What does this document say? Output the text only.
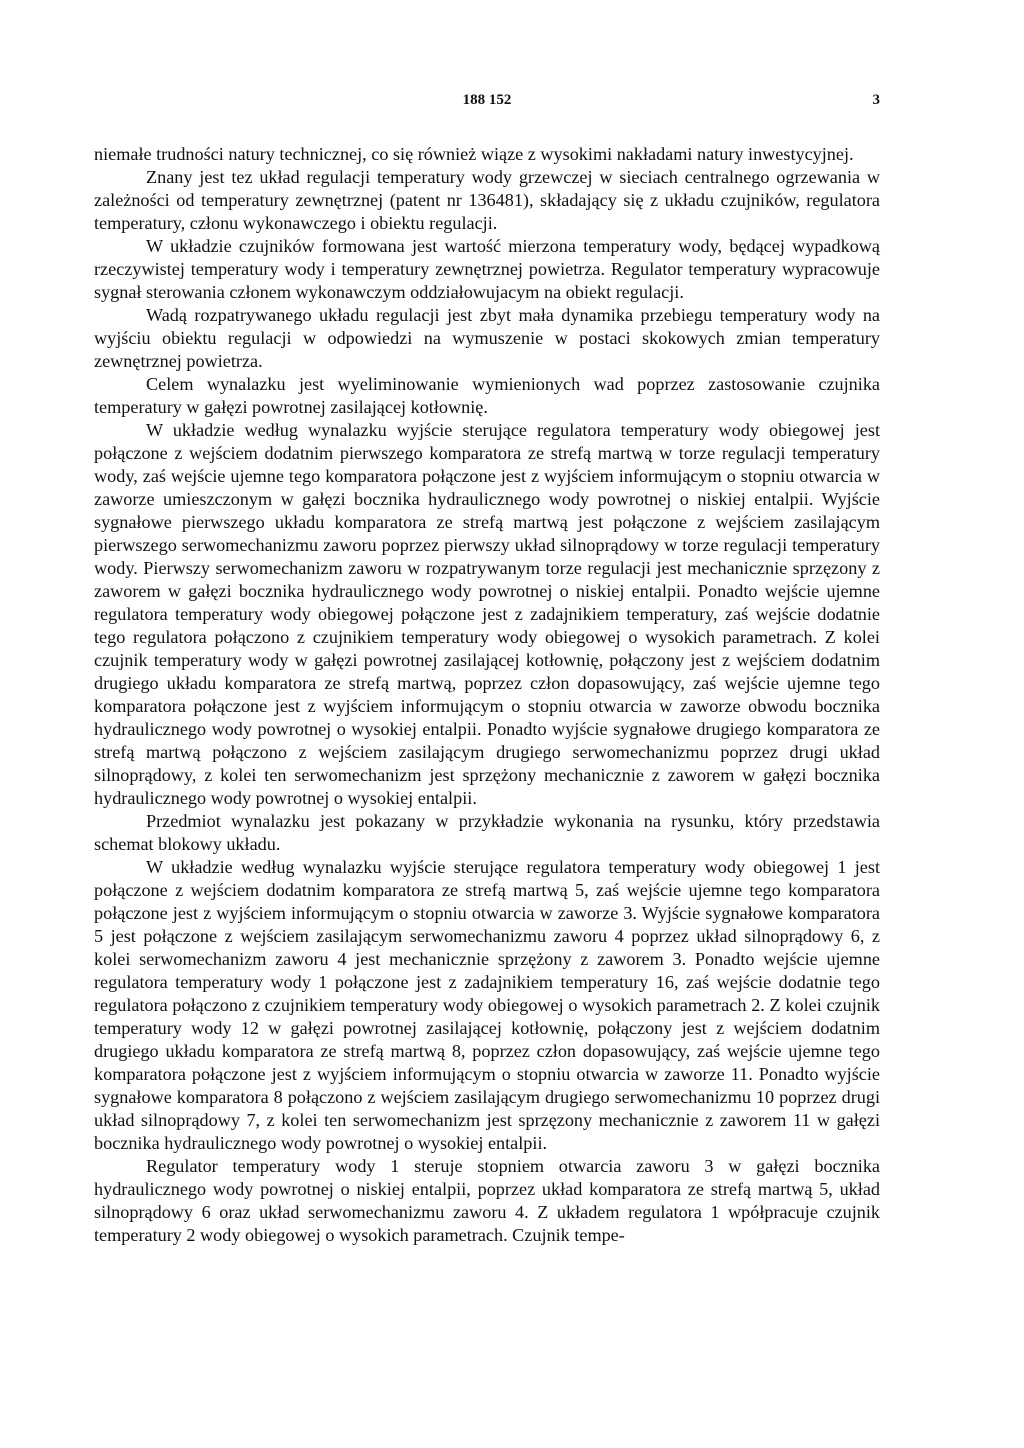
188 152	3

niemałe trudności natury technicznej, co się również wiąze z wysokimi nakładami natury inwestycyjnej.

Znany jest tez układ regulacji temperatury wody grzewczej w sieciach centralnego ogrzewania w zależności od temperatury zewnętrznej (patent nr 136481), składający się z układu czujników, regulatora temperatury, członu wykonawczego i obiektu regulacji.

W układzie czujników formowana jest wartość mierzona temperatury wody, będącej wypadkową rzeczywistej temperatury wody i temperatury zewnętrznej powietrza. Regulator temperatury wypracowuje sygnał sterowania członem wykonawczym oddziałowujacym na obiekt regulacji.

Wadą rozpatrywanego układu regulacji jest zbyt mała dynamika przebiegu temperatury wody na wyjściu obiektu regulacji w odpowiedzi na wymuszenie w postaci skokowych zmian temperatury zewnętrznej powietrza.

Celem wynalazku jest wyeliminowanie wymienionych wad poprzez zastosowanie czujnika temperatury w gałęzi powrotnej zasilającej kotłownię.

W układzie według wynalazku wyjście sterujące regulatora temperatury wody obiegowej jest połączone z wejściem dodatnim pierwszego komparatora ze strefą martwą w torze regulacji temperatury wody, zaś wejście ujemne tego komparatora połączone jest z wyjściem informującym o stopniu otwarcia w zaworze umieszczonym w gałęzi bocznika hydraulicznego wody powrotnej o niskiej entalpii. Wyjście sygnałowe pierwszego układu komparatora ze strefą martwą jest połączone z wejściem zasilającym pierwszego serwomechanizmu zaworu poprzez pierwszy układ silnoprądowy w torze regulacji temperatury wody. Pierwszy serwomechanizm zaworu w rozpatrywanym torze regulacji jest mechanicznie sprzęzony z zaworem w gałęzi bocznika hydraulicznego wody powrotnej o niskiej entalpii. Ponadto wejście ujemne regulatora temperatury wody obiegowej połączone jest z zadajnikiem temperatury, zaś wejście dodatnie tego regulatora połączono z czujnikiem temperatury wody obiegowej o wysokich parametrach. Z kolei czujnik temperatury wody w gałęzi powrotnej zasilającej kotłownię, połączony jest z wejściem dodatnim drugiego układu komparatora ze strefą martwą, poprzez człon dopasowujący, zaś wejście ujemne tego komparatora połączone jest z wyjściem informującym o stopniu otwarcia w zaworze obwodu bocznika hydraulicznego wody powrotnej o wysokiej entalpii. Ponadto wyjście sygnałowe drugiego komparatora ze strefą martwą połączono z wejściem zasilającym drugiego serwomechanizmu poprzez drugi układ silnoprądowy, z kolei ten serwomechanizm jest sprzężony mechanicznie z zaworem w gałęzi bocznika hydraulicznego wody powrotnej o wysokiej entalpii.

Przedmiot wynalazku jest pokazany w przykładzie wykonania na rysunku, który przedstawia schemat blokowy układu.

W układzie według wynalazku wyjście sterujące regulatora temperatury wody obiegowej 1 jest połączone z wejściem dodatnim komparatora ze strefą martwą 5, zaś wejście ujemne tego komparatora połączone jest z wyjściem informującym o stopniu otwarcia w zaworze 3. Wyjście sygnałowe komparatora 5 jest połączone z wejściem zasilającym serwomechanizmu zaworu 4 poprzez układ silnoprądowy 6, z kolei serwomechanizm zaworu 4 jest mechanicznie sprzężony z zaworem 3. Ponadto wejście ujemne regulatora temperatury wody 1 połączone jest z zadajnikiem temperatury 16, zaś wejście dodatnie tego regulatora połączono z czujnikiem temperatury wody obiegowej o wysokich parametrach 2. Z kolei czujnik temperatury wody 12 w gałęzi powrotnej zasilającej kotłownię, połączony jest z wejściem dodatnim drugiego układu komparatora ze strefą martwą 8, poprzez człon dopasowujący, zaś wejście ujemne tego komparatora połączone jest z wyjściem informującym o stopniu otwarcia w zaworze 11. Ponadto wyjście sygnałowe komparatora 8 połączono z wejściem zasilającym drugiego serwomechanizmu 10 poprzez drugi układ silnoprądowy 7, z kolei ten serwomechanizm jest sprzęzony mechanicznie z zaworem 11 w gałęzi bocznika hydraulicznego wody powrotnej o wysokiej entalpii.

Regulator temperatury wody 1 steruje stopniem otwarcia zaworu 3 w gałęzi bocznika hydraulicznego wody powrotnej o niskiej entalpii, poprzez układ komparatora ze strefą martwą 5, układ silnoprądowy 6 oraz układ serwomechanizmu zaworu 4. Z układem regulatora 1 wpółpracuje czujnik temperatury 2 wody obiegowej o wysokich parametrach. Czujnik tempe-
